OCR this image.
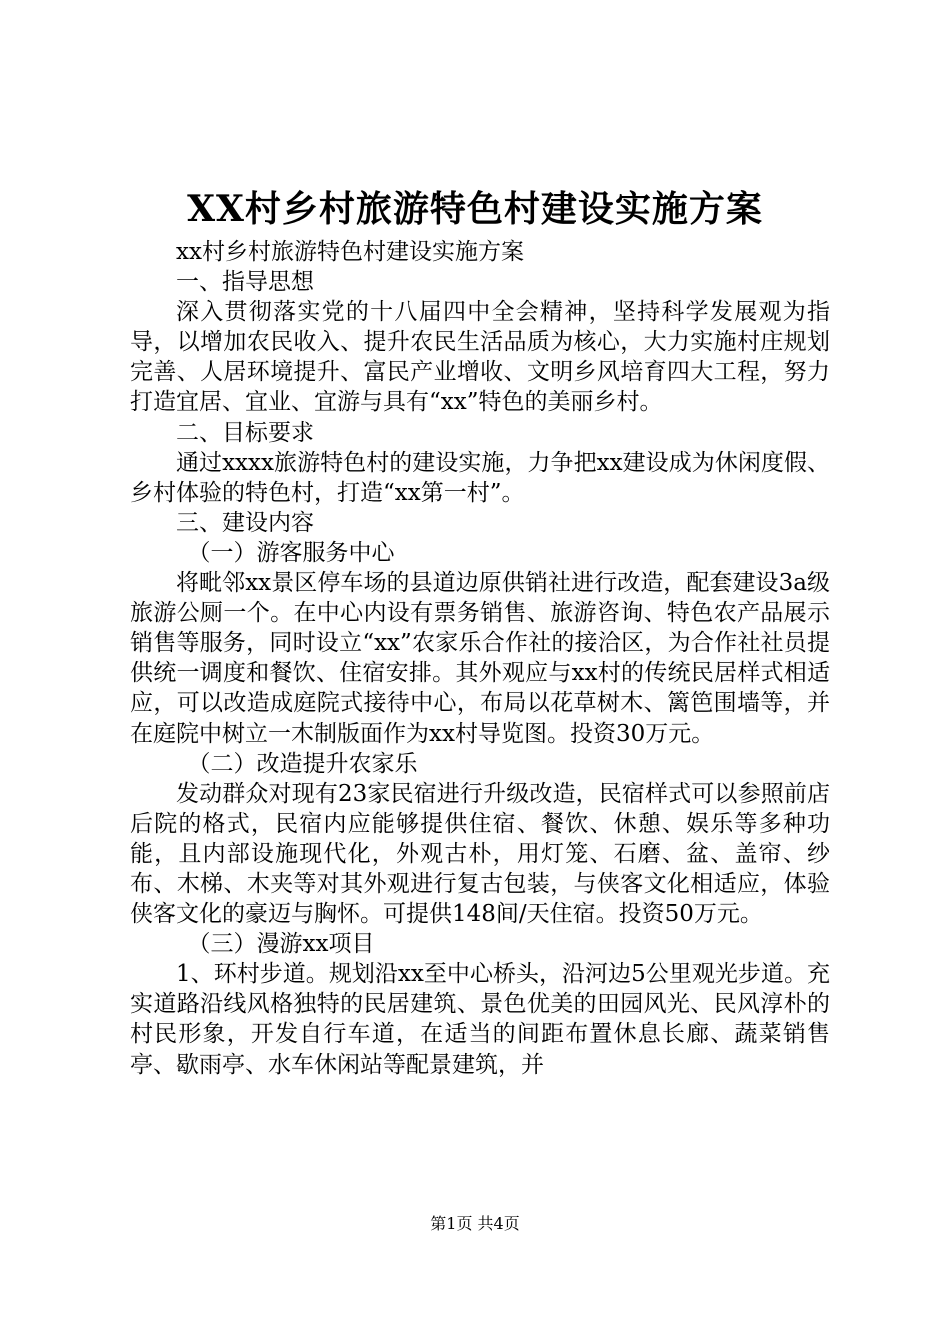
XX村乡村旅游特色村建设实施方案

xx村乡村旅游特色村建设实施方案

一、指导思想

深入贯彻落实党的十八届四中全会精神，坚持科学发展观为指导，以增加农民收入、提升农民生活品质为核心，大力实施村庄规划完善、人居环境提升、富民产业增收、文明乡风培育四大工程，努力打造宜居、宜业、宜游与具有“xx”特色的美丽乡村。

二、目标要求

通过xxxx旅游特色村的建设实施，力争把xx建设成为休闲度假、乡村体验的特色村，打造“xx第一村”。

三、建设内容

（一）游客服务中心

将毗邻xx景区停车场的县道边原供销社进行改造，配套建设3a级旅游公厕一个。在中心内设有票务销售、旅游咨询、特色农产品展示销售等服务，同时设立“xx”农家乐合作社的接洽区，为合作社社员提供统一调度和餐饮、住宿安排。其外观应与xx村的传统民居样式相适应，可以改造成庭院式接待中心，布局以花草树木、篱笆围墙等，并在庭院中树立一木制版面作为xx村导览图。投资30万元。

（二）改造提升农家乐

发动群众对现有23家民宿进行升级改造，民宿样式可以参照前店后院的格式，民宿内应能够提供住宿、餐饮、休憩、娱乐等多种功能，且内部设施现代化，外观古朴，用灯笼、石磨、盆、盖帘、纱布、木梯、木夹等对其外观进行复古包装，与侠客文化相适应，体验侠客文化的豪迈与胸怀。可提供148间/天住宿。投资50万元。

（三）漫游xx项目

1、环村步道。规划沿xx至中心桥头，沿河边5公里观光步道。充实道路沿线风格独特的民居建筑、景色优美的田园风光、民风淳朴的村民形象，开发自行车道，在适当的间距布置休息长廊、蔬菜销售亭、歇雨亭、水车休闲站等配景建筑，并

第1页 共4页
